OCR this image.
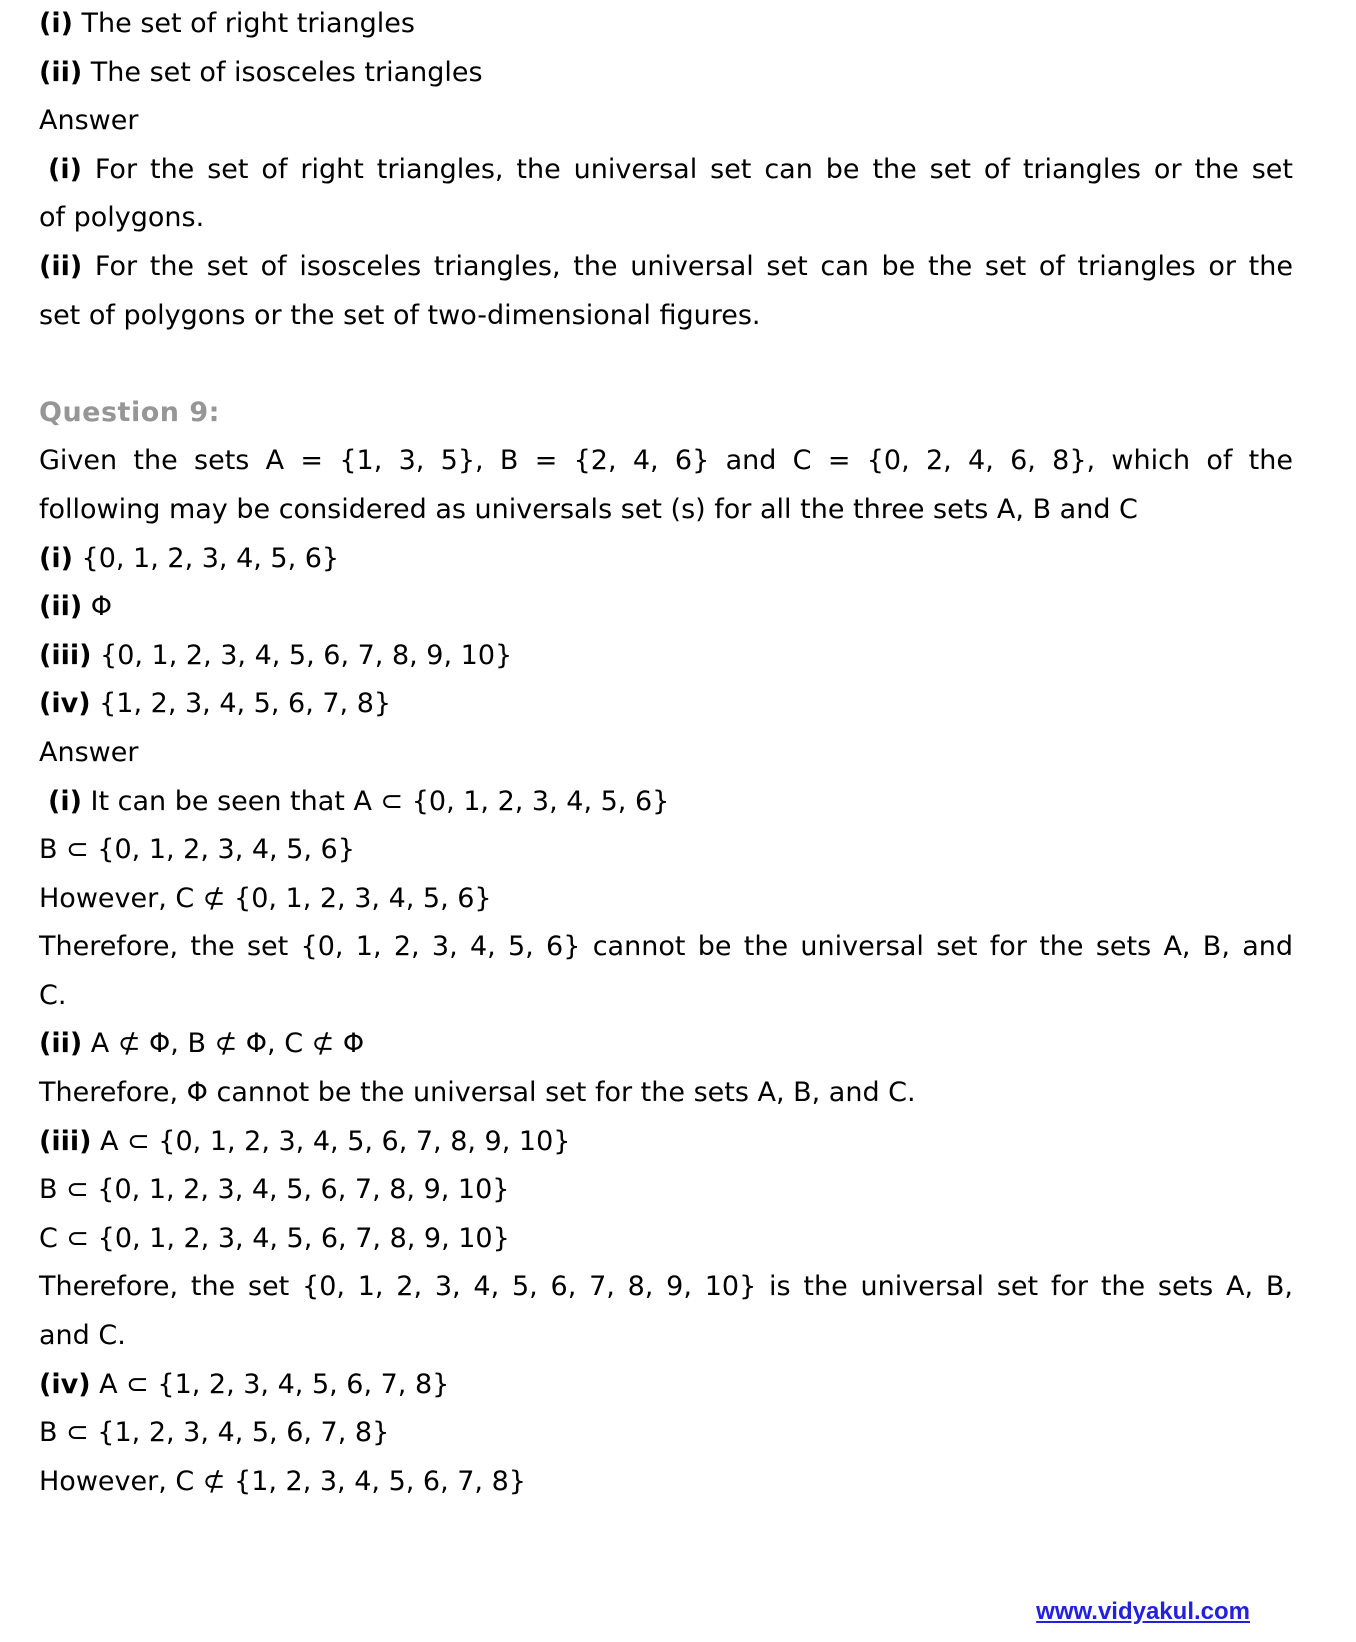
(i) The set of right triangles

(ii) The set of isosceles triangles

Answer

(i) For the set of right triangles, the universal set can be the set of triangles or the set

of polygons.

(ii) For the set of isosceles triangles, the universal set can be the set of triangles or the

set of polygons or the set of two-dimensional figures.

Question 9:

Given the sets A = {1, 3, 5}, B = {2, 4, 6} and C = {0, 2, 4, 6, 8}, which of the

following may be considered as universals set (s) for all the three sets A, B and C

(i) {0, 1, 2, 3, 4, 5, 6}

(ii) Φ

(iii) {0, 1, 2, 3, 4, 5, 6, 7, 8, 9, 10}

(iv) {1, 2, 3, 4, 5, 6, 7, 8}

Answer

(i) It can be seen that A ⊂ {0, 1, 2, 3, 4, 5, 6}

B ⊂ {0, 1, 2, 3, 4, 5, 6}

However, C ⊄ {0, 1, 2, 3, 4, 5, 6}

Therefore, the set {0, 1, 2, 3, 4, 5, 6} cannot be the universal set for the sets A, B, and

C.

(ii) A ⊄ Φ, B ⊄ Φ, C ⊄ Φ

Therefore, Φ cannot be the universal set for the sets A, B, and C.

(iii) A ⊂ {0, 1, 2, 3, 4, 5, 6, 7, 8, 9, 10}

B ⊂ {0, 1, 2, 3, 4, 5, 6, 7, 8, 9, 10}

C ⊂ {0, 1, 2, 3, 4, 5, 6, 7, 8, 9, 10}

Therefore, the set {0, 1, 2, 3, 4, 5, 6, 7, 8, 9, 10} is the universal set for the sets A, B,

and C.

(iv) A ⊂ {1, 2, 3, 4, 5, 6, 7, 8}

B ⊂ {1, 2, 3, 4, 5, 6, 7, 8}

However, C ⊄ {1, 2, 3, 4, 5, 6, 7, 8}

www.vidyakul.com
